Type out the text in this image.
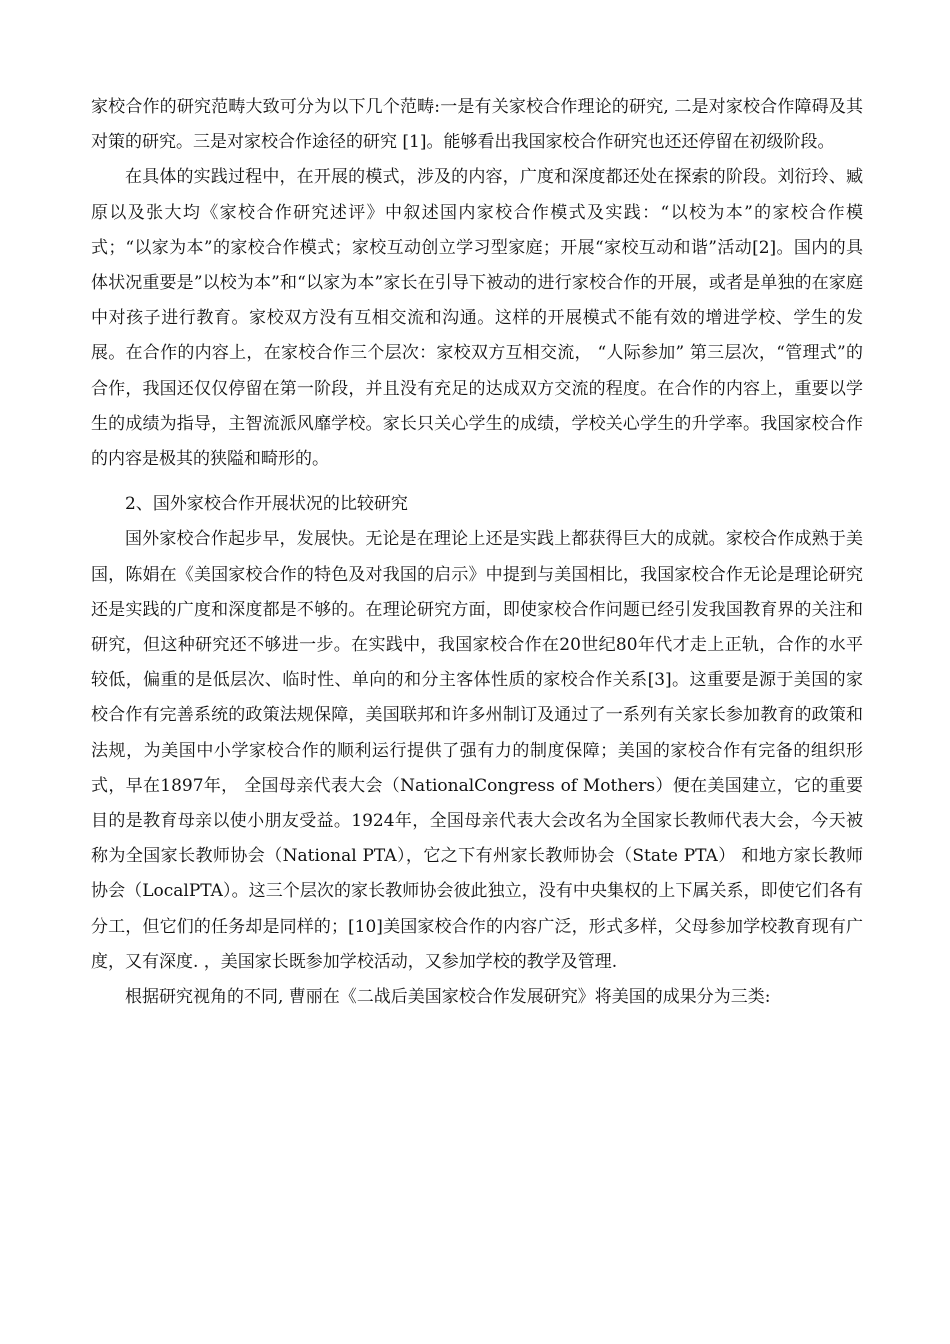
家校合作的研究范畴大致可分为以下几个范畴:一是有关家校合作理论的研究, 二是对家校合作障碍及其对策的研究。三是对家校合作途径的研究 [1]。能够看出我国家校合作研究也还还停留在初级阶段。

在具体的实践过程中，在开展的模式，涉及的内容，广度和深度都还处在探索的阶段。刘衍玲、臧原以及张大均《家校合作研究述评》中叙述国内家校合作模式及实践：“以校为本”的家校合作模式；“以家为本”的家校合作模式；家校互动创立学习型家庭；开展“家校互动和谐”活动[2]。国内的具体状况重要是”以校为本”和“以家为本”家长在引导下被动的进行家校合作的开展，或者是单独的在家庭中对孩子进行教育。家校双方没有互相交流和沟通。这样的开展模式不能有效的增进学校、学生的发展。在合作的内容上，在家校合作三个层次：家校双方互相交流， “人际参加” 第三层次，“管理式”的合作，我国还仅仅停留在第一阶段，并且没有充足的达成双方交流的程度。在合作的内容上，重要以学生的成绩为指导，主智流派风靡学校。家长只关心学生的成绩，学校关心学生的升学率。我国家校合作的内容是极其的狭隘和畸形的。

2、国外家校合作开展状况的比较研究

国外家校合作起步早，发展快。无论是在理论上还是实践上都获得巨大的成就。家校合作成熟于美国，陈娟在《美国家校合作的特色及对我国的启示》中提到与美国相比，我国家校合作无论是理论研究还是实践的广度和深度都是不够的。在理论研究方面，即使家校合作问题已经引发我国教育界的关注和研究，但这种研究还不够进一步。在实践中，我国家校合作在20世纪80年代才走上正轨，合作的水平较低，偏重的是低层次、临时性、单向的和分主客体性质的家校合作关系[3]。这重要是源于美国的家校合作有完善系统的政策法规保障，美国联邦和许多州制订及通过了一系列有关家长参加教育的政策和法规，为美国中小学家校合作的顺利运行提供了强有力的制度保障；美国的家校合作有完备的组织形式，早在1897年， 全国母亲代表大会（NationalCongress of Mothers）便在美国建立，它的重要目的是教育母亲以使小朋友受益。1924年，全国母亲代表大会改名为全国家长教师代表大会，今天被称为全国家长教师协会（National PTA），它之下有州家长教师协会（State PTA） 和地方家长教师协会（LocalPTA）。这三个层次的家长教师协会彼此独立，没有中央集权的上下属关系，即使它们各有分工，但它们的任务却是同样的；[10]美国家校合作的内容广泛，形式多样，父母参加学校教育现有广度，又有深度. ，美国家长既参加学校活动，又参加学校的教学及管理.

根据研究视角的不同, 曹丽在《二战后美国家校合作发展研究》将美国的成果分为三类:
